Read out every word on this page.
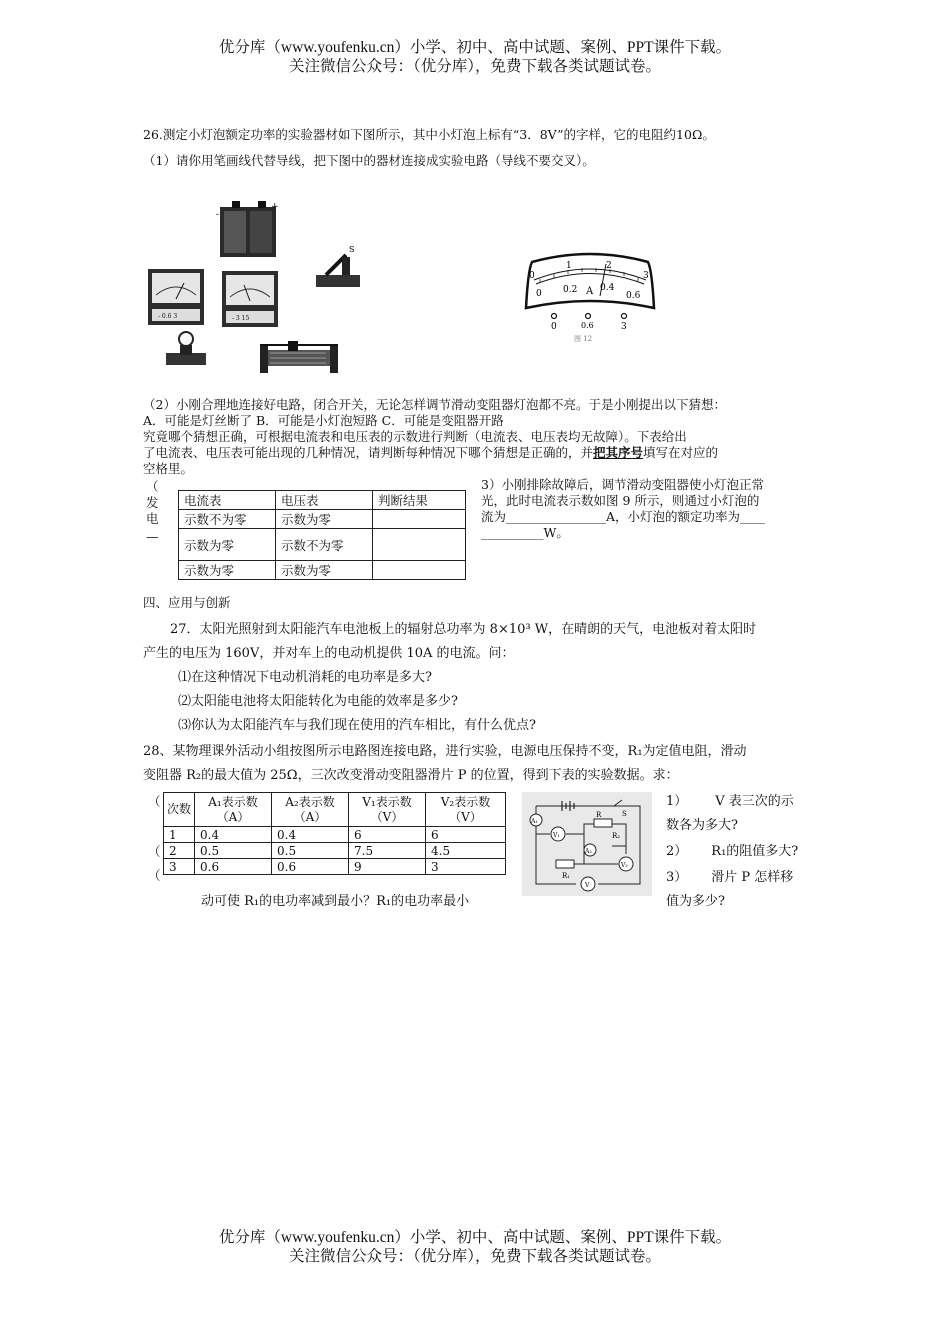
优分库（www.youfenku.cn）小学、初中、高中试题、案例、PPT课件下载。
关注微信公众号：（优分库），免费下载各类试题试卷。
26.测定小灯泡额定功率的实验器材如下图所示，其中小灯泡上标有“3．8V”的字样，它的电阻约10Ω。
（1）请你用笔画线代替导线，把下图中的器材连接成实验电路（导线不要交叉）。
-
+
S
- 0.6 3	- 3 15
0
1	2
3
0 0.2 A 0.4
0.6
0	0.6	3
图 12
（2）小刚合理地连接好电路，闭合开关，无论怎样调节滑动变阻器灯泡都不亮。于是小刚提出以下猜想：
A．可能是灯丝断了 B．可能是小灯泡短路 C．可能是变阻器开路
究竟哪个猜想正确，可根据电流表和电压表的示数进行判断（电流表、电压表均无故障）。下表给出
了电流表、电压表可能出现的几种情况，请判断每种情况下哪个猜想是正确的，并把其序号填写在对应的
空格里。
（
发
电
—
电流表	电压表	判断结果
示数不为零	示数为零	
示数为零	示数不为零	
示数为零	示数为零	
3）小刚排除故障后，调节滑动变阻器使小灯泡正常
光，此时电流表示数如图 9 所示，则通过小灯泡的
流为________________A，小灯泡的额定功率为____
__________W。
四、应用与创新
27．太阳光照射到太阳能汽车电池板上的辐射总功率为 8×10³ W，在晴朗的天气，电池板对着太阳时
产生的电压为 160V，并对车上的电动机提供 10A 的电流。问：
⑴在这种情况下电动机消耗的电功率是多大?
⑵太阳能电池将太阳能转化为电能的效率是多少?
⑶你认为太阳能汽车与我们现在使用的汽车相比，有什么优点?
28、某物理课外活动小组按图所示电路图连接电路，进行实验，电源电压保持不变，R₁为定值电阻，滑动
变阻器 R₂的最大值为 25Ω，三次改变滑动变阻器滑片 P 的位置，得到下表的实验数据。求：
（
（
（
次数	A₁表示数（A）	A₂表示数（A）	V₁表示数（V）	V₂表示数（V）
1	0.4	0.4	6	6
2	0.5	0.5	7.5	4.5
3	0.6	0.6	9	3
动可使 R₁的电功率减到最小？R₁的电功率最小
S
R
R₂
R₁
A₁
V₁
A₂
V₂
V
1） V 表三次的示
数各为多大?
2） R₁的阻值多大?
3） 滑片 P 怎样移
值为多少?
优分库（www.youfenku.cn）小学、初中、高中试题、案例、PPT课件下载。
关注微信公众号：（优分库），免费下载各类试题试卷。
